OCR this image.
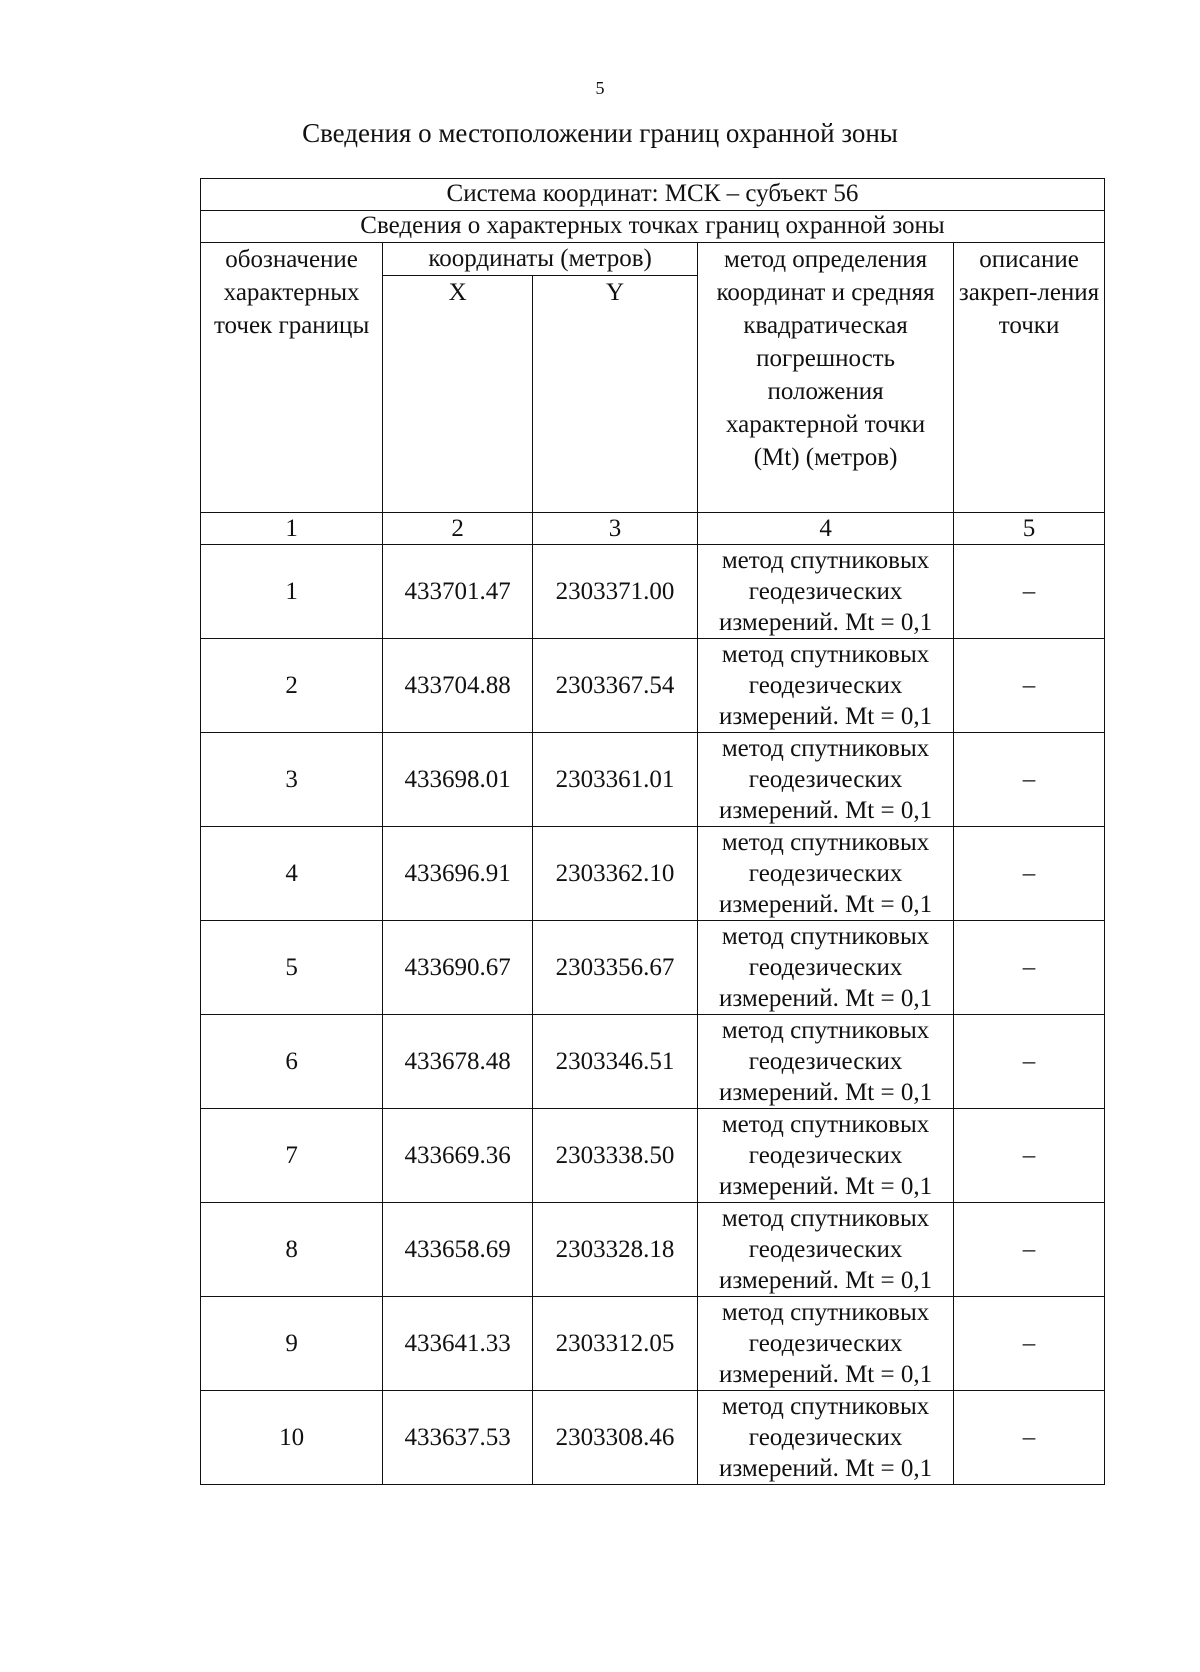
5
Сведения о местоположении границ охранной зоны
Система координат: МСК – субъект 56				
Сведения о характерных точках границ охранной зоны				
обозначение характерных точек границы	координаты (метров)		метод определения координат и средняя квадратическая погрешность положения характерной точки (Mt) (метров)	описание закреп-ления точки
	X	Y		
1	2	3	4	5
1	433701.47	2303371.00	метод спутниковых геодезических измерений. Mt = 0,1	–
2	433704.88	2303367.54	метод спутниковых геодезических измерений. Mt = 0,1	–
3	433698.01	2303361.01	метод спутниковых геодезических измерений. Mt = 0,1	–
4	433696.91	2303362.10	метод спутниковых геодезических измерений. Mt = 0,1	–
5	433690.67	2303356.67	метод спутниковых геодезических измерений. Mt = 0,1	–
6	433678.48	2303346.51	метод спутниковых геодезических измерений. Mt = 0,1	–
7	433669.36	2303338.50	метод спутниковых геодезических измерений. Mt = 0,1	–
8	433658.69	2303328.18	метод спутниковых геодезических измерений. Mt = 0,1	–
9	433641.33	2303312.05	метод спутниковых геодезических измерений. Mt = 0,1	–
10	433637.53	2303308.46	метод спутниковых геодезических измерений. Mt = 0,1	–
